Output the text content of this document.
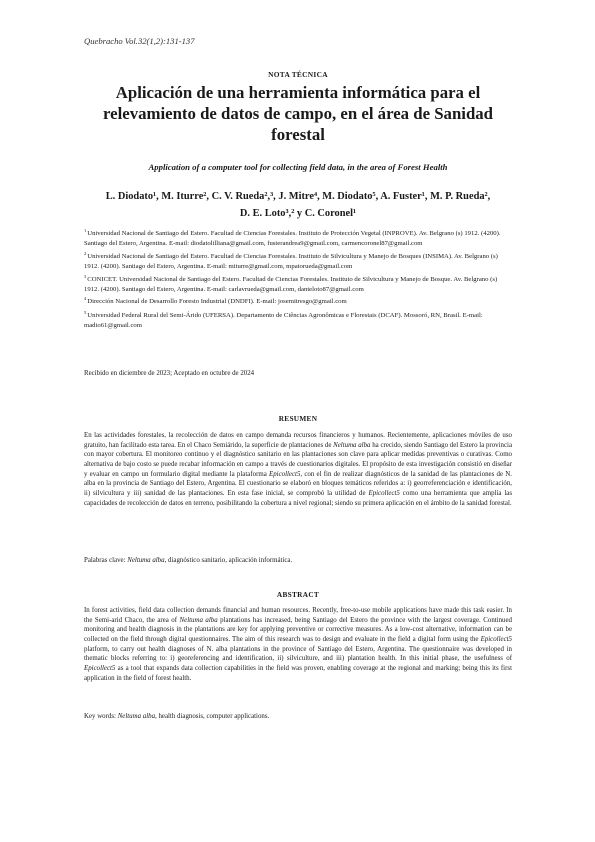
Quebracho Vol.32(1,2):131-137
NOTA TÉCNICA
Aplicación de una herramienta informática para el
relevamiento de datos de campo, en el área de Sanidad
forestal
Application of a computer tool for collecting field data, in the area of Forest Health
L. Diodato¹, M. Iturre², C. V. Rueda²,³, J. Mitre⁴, M. Diodato⁵, A. Fuster¹, M. P. Rueda²,
D. E. Loto³,² y C. Coronel¹
$^1$Universidad Nacional de Santiago del Estero. Facultad de Ciencias Forestales. Instituto de Protección Vegetal (INPROVE). Av. Belgrano (s) 1912. (4200). Santiago del Estero, Argentina. E-mail: diodatolilliana@gmail.com, fusterandrea9@gmail.com, carmencoronel87@gmail.com
$^2$Universidad Nacional de Santiago del Estero. Facultad de Ciencias Forestales. Instituto de Silvicultura y Manejo de Bosques (INSIMA). Av. Belgrano (s) 1912. (4200). Santiago del Estero, Argentina. E-mail: miturre@gmail.com, mpatorueda@gmail.com
$^3$CONICET. Universidad Nacional de Santiago del Estero. Facultad de Ciencias Forestales. Instituto de Silvicultura y Manejo de Bosque. Av. Belgrano (s) 1912. (4200). Santiago del Estero, Argentina. E-mail: carlavrueda@gmail.com, danteloto87@gmail.com
$^4$Dirección Nacional de Desarrollo Foresto Industrial (DNDFI). E-mail: josemitresgo@gmail.com
$^5$Universidad Federal Rural del Semi-Árido (UFERSA). Departamento de Ciências Agronômicas e Florestais (DCAF). Mossoró, RN, Brasil. E-mail: madio61@gmail.com
Recibido en diciembre de 2023; Aceptado en octubre de 2024
RESUMEN
En las actividades forestales, la recolección de datos en campo demanda recursos financieros y humanos. Recientemente, aplicaciones móviles de uso gratuito, han facilitado esta tarea. En el Chaco Semiárido, la superficie de plantaciones de Neltuma alba ha crecido, siendo Santiago del Estero la provincia con mayor cobertura. El monitoreo continuo y el diagnóstico sanitario en las plantaciones son clave para aplicar medidas preventivas o curativas. Como alternativa de bajo costo se puede recabar información en campo a través de cuestionarios digitales. El propósito de esta investigación consistió en diseñar y evaluar en campo un formulario digital mediante la plataforma Epicollect5, con el fin de realizar diagnósticos de la sanidad de las plantaciones de N. alba en la provincia de Santiago del Estero, Argentina. El cuestionario se elaboró en bloques temáticos referidos a: i) georreferenciación e identificación, ii) silvicultura y iii) sanidad de las plantaciones. En esta fase inicial, se comprobó la utilidad de Epicollect5 como una herramienta que amplía las capacidades de recolección de datos en terreno, posibilitando la cobertura a nivel regional; siendo su primera aplicación en el ámbito de la sanidad forestal.
Palabras clave: Neltuma alba, diagnóstico sanitario, aplicación informática.
ABSTRACT
In forest activities, field data collection demands financial and human resources. Recently, free-to-use mobile applications have made this task easier. In the Semi-arid Chaco, the area of Neltuma alba plantations has increased, being Santiago del Estero the province with the largest coverage. Continued monitoring and health diagnosis in the plantations are key for applying preventive or corrective measures. As a low-cost alternative, information can be collected on the field through digital questionnaires. The aim of this research was to design and evaluate in the field a digital form using the Epicollect5 platform, to carry out health diagnoses of N. alba plantations in the province of Santiago del Estero, Argentina. The questionnaire was developed in thematic blocks referring to: i) georeferencing and identification, ii) silviculture, and iii) plantation health. In this initial phase, the usefulness of Epicollect5 as a tool that expands data collection capabilities in the field was proven, enabling coverage at the regional and marking; being this its first application in the field of forest health.
Key words: Neltuma alba, health diagnosis, computer applications.
